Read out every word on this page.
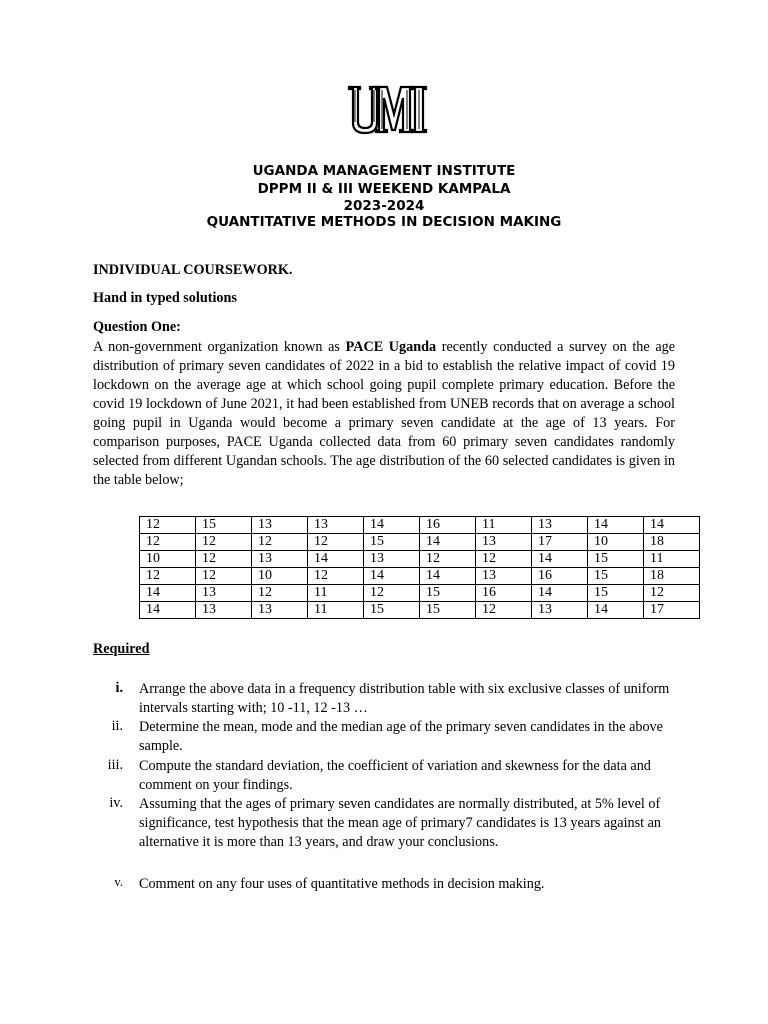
UGANDA MANAGEMENT INSTITUTE
DPPM II & III WEEKEND KAMPALA
2023-2024
QUANTITATIVE METHODS IN DECISION MAKING
INDIVIDUAL COURSEWORK.
Hand in typed solutions
Question One:
A non-government organization known as PACE Uganda recently conducted a survey on the age distribution of primary seven candidates of 2022 in a bid to establish the relative impact of covid 19 lockdown on the average age at which school going pupil complete primary education. Before the covid 19 lockdown of June 2021, it had been established from UNEB records that on average a school going pupil in Uganda would become a primary seven candidate at the age of 13 years. For comparison purposes, PACE Uganda collected data from 60 primary seven candidates randomly selected from different Ugandan schools. The age distribution of the 60 selected candidates is given in the table below;
12	15	13	13	14	16	11	13	14	14
12	12	12	12	15	14	13	17	10	18
10	12	13	14	13	12	12	14	15	11
12	12	10	12	14	14	13	16	15	18
14	13	12	11	12	15	16	14	15	12
14	13	13	11	15	15	12	13	14	17
Required
i. Arrange the above data in a frequency distribution table with six exclusive classes of uniform intervals starting with; 10 -11, 12 -13 …
ii. Determine the mean, mode and the median age of the primary seven candidates in the above sample.
iii. Compute the standard deviation, the coefficient of variation and skewness for the data and comment on your findings.
iv. Assuming that the ages of primary seven candidates are normally distributed, at 5% level of significance, test hypothesis that the mean age of primary7 candidates is 13 years against an alternative it is more than 13 years, and draw your conclusions.
v. Comment on any four uses of quantitative methods in decision making.
